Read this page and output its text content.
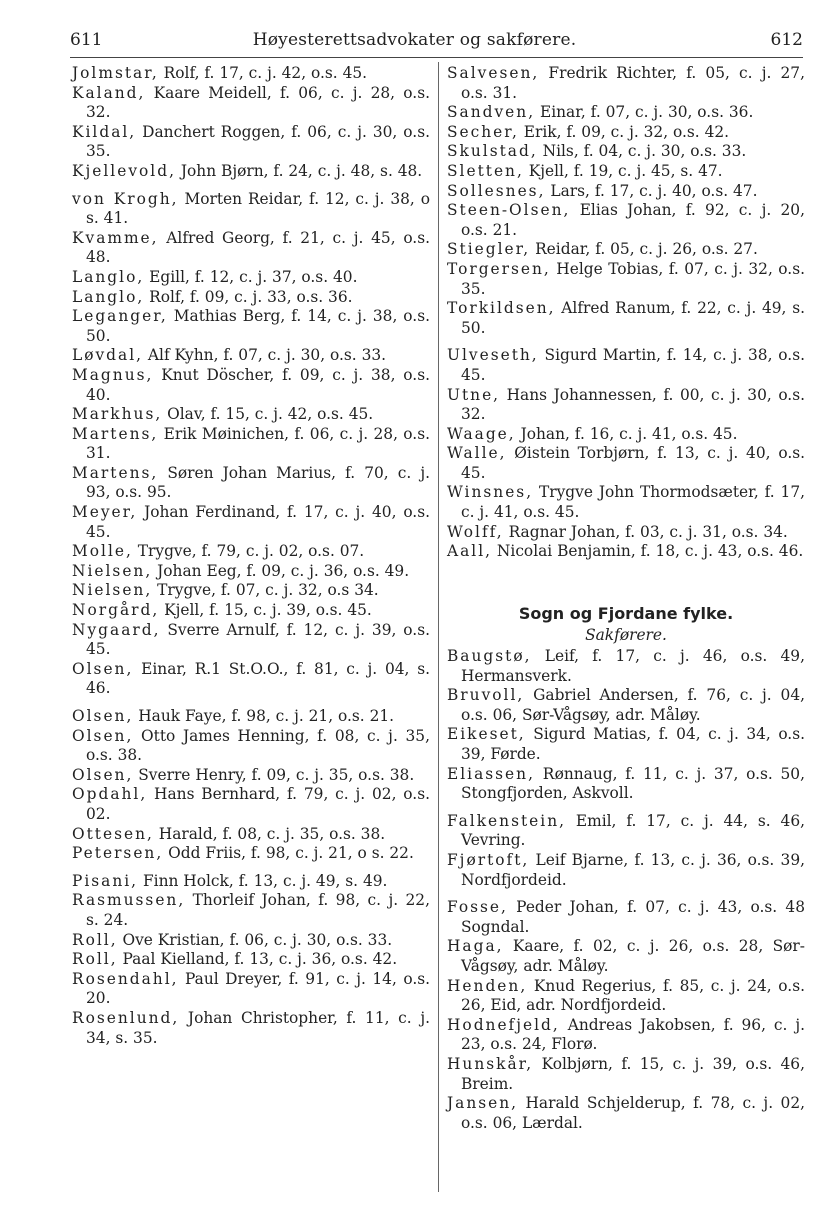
611	Høyesterettsadvokater og sakførere.	612

Jolmstar, Rolf, f. 17, c. j. 42, o.s. 45.

Kaland, Kaare Meidell, f. 06, c. j. 28, o.s. 32.

Kildal, Danchert Roggen, f. 06, c. j. 30, o.s. 35.

Kjellevold, John Bjørn, f. 24, c. j. 48, s. 48.

von Krogh, Morten Reidar, f. 12, c. j. 38, o s. 41.

Kvamme, Alfred Georg, f. 21, c. j. 45, o.s. 48.

Langlo, Egill, f. 12, c. j. 37, o.s. 40.

Langlo, Rolf, f. 09, c. j. 33, o.s. 36.

Leganger, Mathias Berg, f. 14, c. j. 38, o.s. 50.

Løvdal, Alf Kyhn, f. 07, c. j. 30, o.s. 33.

Magnus, Knut Döscher, f. 09, c. j. 38, o.s. 40.

Markhus, Olav, f. 15, c. j. 42, o.s. 45.

Martens, Erik Møinichen, f. 06, c. j. 28, o.s. 31.

Martens, Søren Johan Marius, f. 70, c. j. 93, o.s. 95.

Meyer, Johan Ferdinand, f. 17, c. j. 40, o.s. 45.

Molle, Trygve, f. 79, c. j. 02, o.s. 07.

Nielsen, Johan Eeg, f. 09, c. j. 36, o.s. 49.

Nielsen, Trygve, f. 07, c. j. 32, o.s 34.

Norgård, Kjell, f. 15, c. j. 39, o.s. 45.

Nygaard, Sverre Arnulf, f. 12, c. j. 39, o.s. 45.

Olsen, Einar, R.1 St.O.O., f. 81, c. j. 04, s. 46.

Olsen, Hauk Faye, f. 98, c. j. 21, o.s. 21.

Olsen, Otto James Henning, f. 08, c. j. 35, o.s. 38.

Olsen, Sverre Henry, f. 09, c. j. 35, o.s. 38.

Opdahl, Hans Bernhard, f. 79, c. j. 02, o.s. 02.

Ottesen, Harald, f. 08, c. j. 35, o.s. 38.

Petersen, Odd Friis, f. 98, c. j. 21, o s. 22.

Pisani, Finn Holck, f. 13, c. j. 49, s. 49.

Rasmussen, Thorleif Johan, f. 98, c. j. 22, s. 24.

Roll, Ove Kristian, f. 06, c. j. 30, o.s. 33.

Roll, Paal Kielland, f. 13, c. j. 36, o.s. 42.

Rosendahl, Paul Dreyer, f. 91, c. j. 14, o.s. 20.

Rosenlund, Johan Christopher, f. 11, c. j. 34, s. 35.

Salvesen, Fredrik Richter, f. 05, c. j. 27, o.s. 31.

Sandven, Einar, f. 07, c. j. 30, o.s. 36.

Secher, Erik, f. 09, c. j. 32, o.s. 42.

Skulstad, Nils, f. 04, c. j. 30, o.s. 33.

Sletten, Kjell, f. 19, c. j. 45, s. 47.

Sollesnes, Lars, f. 17, c. j. 40, o.s. 47.

Steen-Olsen, Elias Johan, f. 92, c. j. 20, o.s. 21.

Stiegler, Reidar, f. 05, c. j. 26, o.s. 27.

Torgersen, Helge Tobias, f. 07, c. j. 32, o.s. 35.

Torkildsen, Alfred Ranum, f. 22, c. j. 49, s. 50.

Ulveseth, Sigurd Martin, f. 14, c. j. 38, o.s. 45.

Utne, Hans Johannessen, f. 00, c. j. 30, o.s. 32.

Waage, Johan, f. 16, c. j. 41, o.s. 45.

Walle, Øistein Torbjørn, f. 13, c. j. 40, o.s. 45.

Winsnes, Trygve John Thormodsæter, f. 17, c. j. 41, o.s. 45.

Wolff, Ragnar Johan, f. 03, c. j. 31, o.s. 34.

Aall, Nicolai Benjamin, f. 18, c. j. 43, o.s. 46.

Sogn og Fjordane fylke.
Sakførere.

Baugstø, Leif, f. 17, c. j. 46, o.s. 49, Hermansverk.

Bruvoll, Gabriel Andersen, f. 76, c. j. 04, o.s. 06, Sør-Vågsøy, adr. Måløy.

Eikeset, Sigurd Matias, f. 04, c. j. 34, o.s. 39, Førde.

Eliassen, Rønnaug, f. 11, c. j. 37, o.s. 50, Stongfjorden, Askvoll.

Falkenstein, Emil, f. 17, c. j. 44, s. 46, Vevring.

Fjørtoft, Leif Bjarne, f. 13, c. j. 36, o.s. 39, Nordfjordeid.

Fosse, Peder Johan, f. 07, c. j. 43, o.s. 48 Sogndal.

Haga, Kaare, f. 02, c. j. 26, o.s. 28, Sør-Vågsøy, adr. Måløy.

Henden, Knud Regerius, f. 85, c. j. 24, o.s. 26, Eid, adr. Nordfjordeid.

Hodnefjeld, Andreas Jakobsen, f. 96, c. j. 23, o.s. 24, Florø.

Hunskår, Kolbjørn, f. 15, c. j. 39, o.s. 46, Breim.

Jansen, Harald Schjelderup, f. 78, c. j. 02, o.s. 06, Lærdal.
